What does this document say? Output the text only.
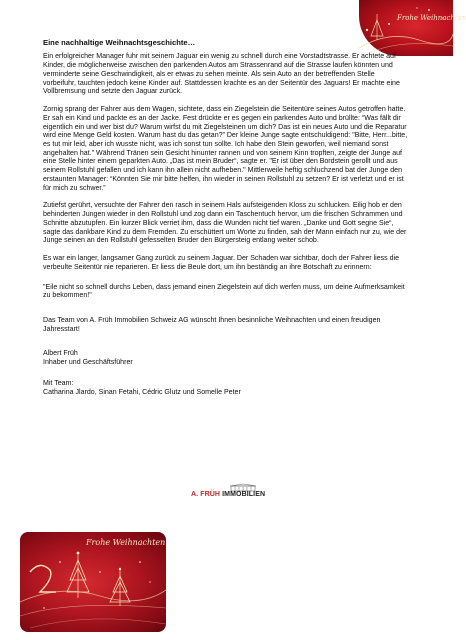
Frohe Weihnachten
Eine nachhaltige Weihnachtsgeschichte…

Ein erfolgreicher Manager fuhr mit seinem Jaguar ein wenig zu schnell durch eine Vorstadtstrasse. Er achtete auf Kinder, die möglicherweise zwischen den parkenden Autos am Strassenrand auf die Strasse laufen könnten und verminderte seine Geschwindigkeit, als er etwas zu sehen meinte. Als sein Auto an der betreffenden Stelle vorbeifuhr, tauchten jedoch keine Kinder auf. Stattdessen krachte es an der Seitentür des Jaguars! Er machte eine Vollbremsung und setzte den Jaguar zurück.

Zornig sprang der Fahrer aus dem Wagen, sichtete, dass ein Ziegelstein die Seitentüre seines Autos getroffen hatte. Er sah ein Kind und packte es an der Jacke. Fest drückte er es gegen ein parkendes Auto und brüllte: “Was fällt dir eigentlich ein und wer bist du? Warum wirfst du mit Ziegelsteinen um dich? Das ist ein neues Auto und die Reparatur wird eine Menge Geld kosten. Warum hast du das getan?” Der kleine Junge sagte entschuldigend: "Bitte, Herr...bitte, es tut mir leid, aber ich wusste nicht, was ich sonst tun sollte. Ich habe den Stein geworfen, weil niemand sonst angehalten hat." Während Tränen sein Gesicht hinunter rannen und von seinem Kinn tropften, zeigte der Junge auf eine Stelle hinter einem geparkten Auto. „Das ist mein Bruder“, sagte er. "Er ist über den Bordstein gerollt und aus seinem Rollstuhl gefallen und ich kann ihn allein nicht aufheben." Mittlerweile heftig schluchzend bat der Junge den erstaunten Manager: “Könnten Sie mir bitte helfen, ihn wieder in seinen Rollstuhl zu setzen? Er ist verletzt und er ist für mich zu schwer.”

Zutiefst gerührt, versuchte der Fahrer den rasch in seinem Hals aufsteigenden Kloss zu schlucken. Eilig hob er den behinderten Jungen wieder in den Rollstuhl und zog dann ein Taschentuch hervor, um die frischen Schrammen und Schnitte abzutupfen. Ein kurzer Blick verriet ihm, dass die Wunden nicht tief waren. „Danke und Gott segne Sie“, sagte das dankbare Kind zu dem Fremden. Zu erschüttert um Worte zu finden, sah der Mann einfach nur zu, wie der Junge seinen an den Rollstuhl gefesselten Bruder den Bürgersteig entlang weiter schob.

Es war ein langer, langsamer Gang zurück zu seinem Jaguar. Der Schaden war sichtbar, doch der Fahrer liess die verbeulte Seitentür nie reparieren. Er liess die Beule dort, um ihn beständig an ihre Botschaft zu erinnern:

"Eile nicht so schnell durchs Leben, dass jemand einen Ziegelstein auf dich werfen muss, um deine Aufmerksamkeit zu bekommen!"

Das Team von A. Früh Immobilien Schweiz AG wünscht Ihnen besinnliche Weihnachten und einen freudigen Jahresstart!

Albert Früh
Inhaber und Geschäftsführer
Mit Team:
Catharina Jlardo, Sinan Fetahi, Cédric Glutz und Somelle Peter
A. FRÜH IMMOBILIEN
Frohe Weihnachten
